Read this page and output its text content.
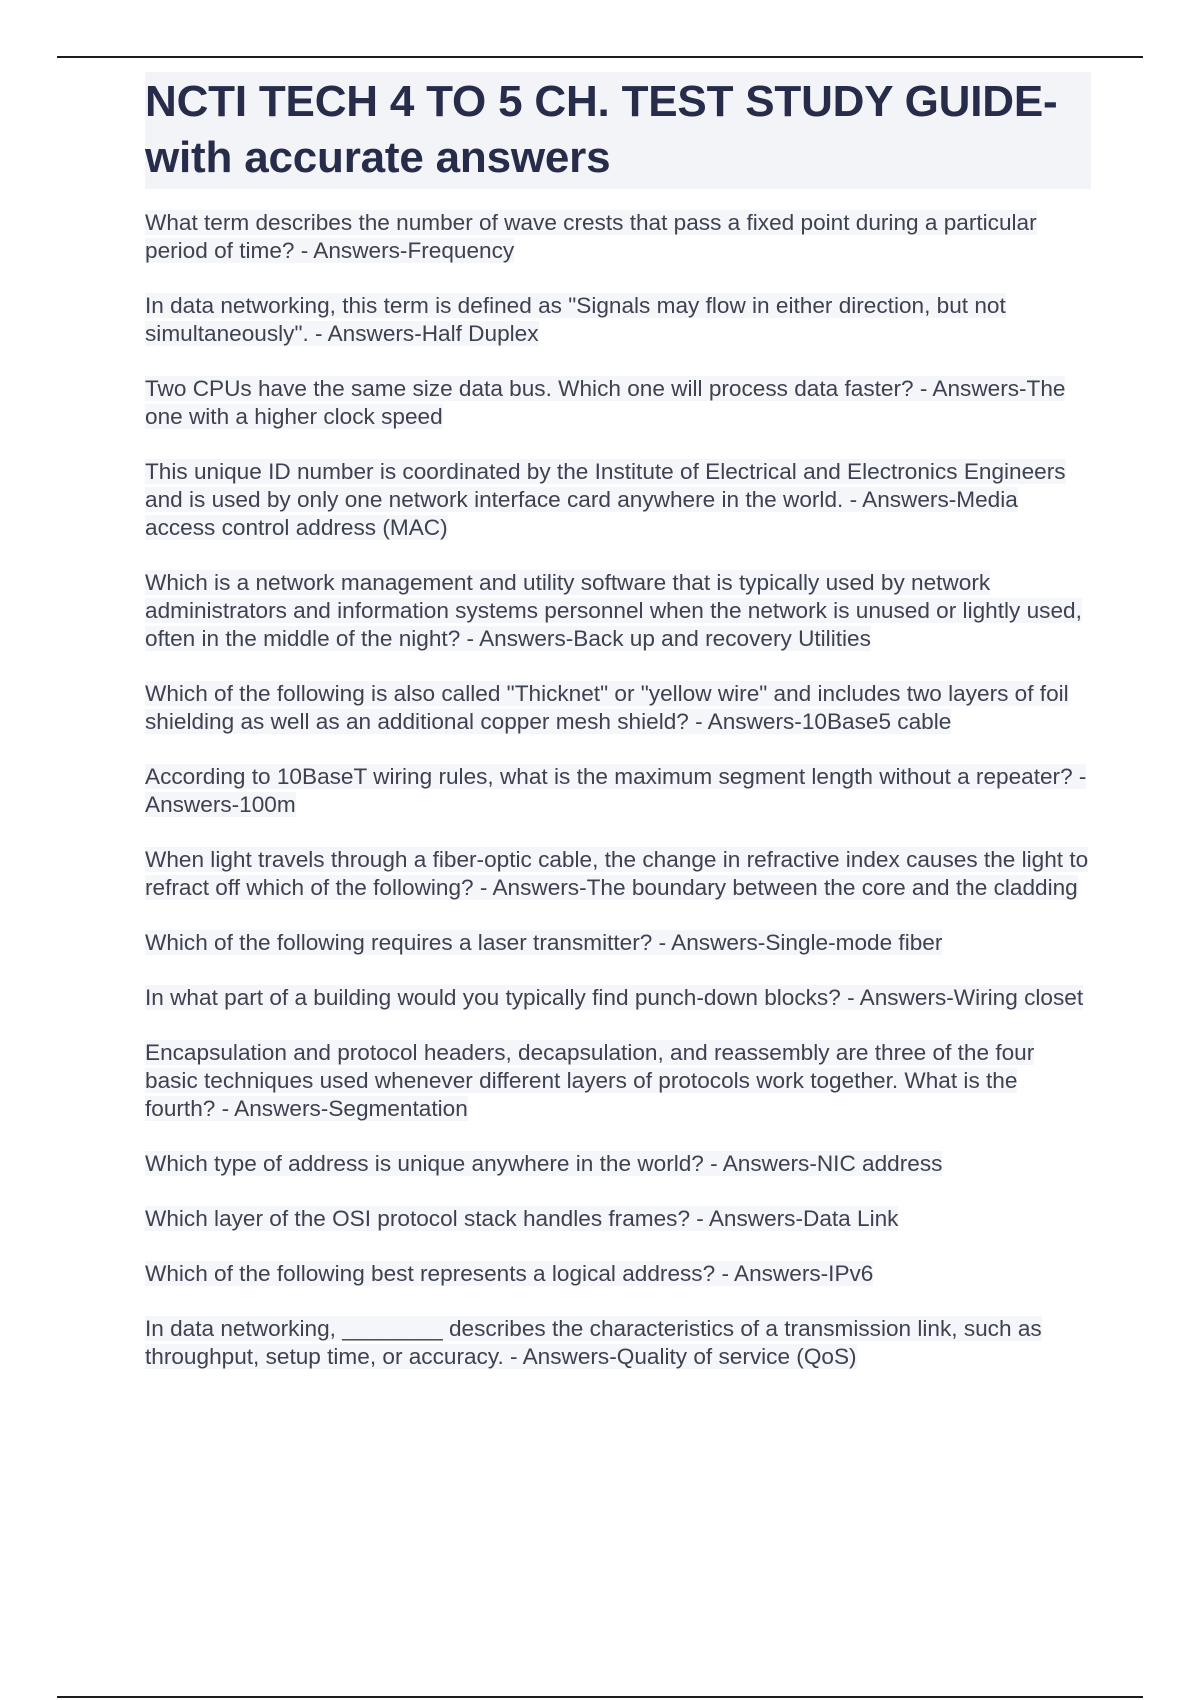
NCTI TECH 4 TO 5 CH. TEST STUDY GUIDE-with accurate answers
What term describes the number of wave crests that pass a fixed point during a particular period of time? - Answers-Frequency
In data networking, this term is defined as "Signals may flow in either direction, but not simultaneously". - Answers-Half Duplex
Two CPUs have the same size data bus. Which one will process data faster? - Answers-The one with a higher clock speed
This unique ID number is coordinated by the Institute of Electrical and Electronics Engineers and is used by only one network interface card anywhere in the world. - Answers-Media access control address (MAC)
Which is a network management and utility software that is typically used by network administrators and information systems personnel when the network is unused or lightly used, often in the middle of the night? - Answers-Back up and recovery Utilities
Which of the following is also called "Thicknet" or "yellow wire" and includes two layers of foil shielding as well as an additional copper mesh shield? - Answers-10Base5 cable
According to 10BaseT wiring rules, what is the maximum segment length without a repeater? - Answers-100m
When light travels through a fiber-optic cable, the change in refractive index causes the light to refract off which of the following? - Answers-The boundary between the core and the cladding
Which of the following requires a laser transmitter? - Answers-Single-mode fiber
In what part of a building would you typically find punch-down blocks? - Answers-Wiring closet
Encapsulation and protocol headers, decapsulation, and reassembly are three of the four basic techniques used whenever different layers of protocols work together. What is the fourth? - Answers-Segmentation
Which type of address is unique anywhere in the world? - Answers-NIC address
Which layer of the OSI protocol stack handles frames? - Answers-Data Link
Which of the following best represents a logical address? - Answers-IPv6
In data networking, ________ describes the characteristics of a transmission link, such as throughput, setup time, or accuracy. - Answers-Quality of service (QoS)
